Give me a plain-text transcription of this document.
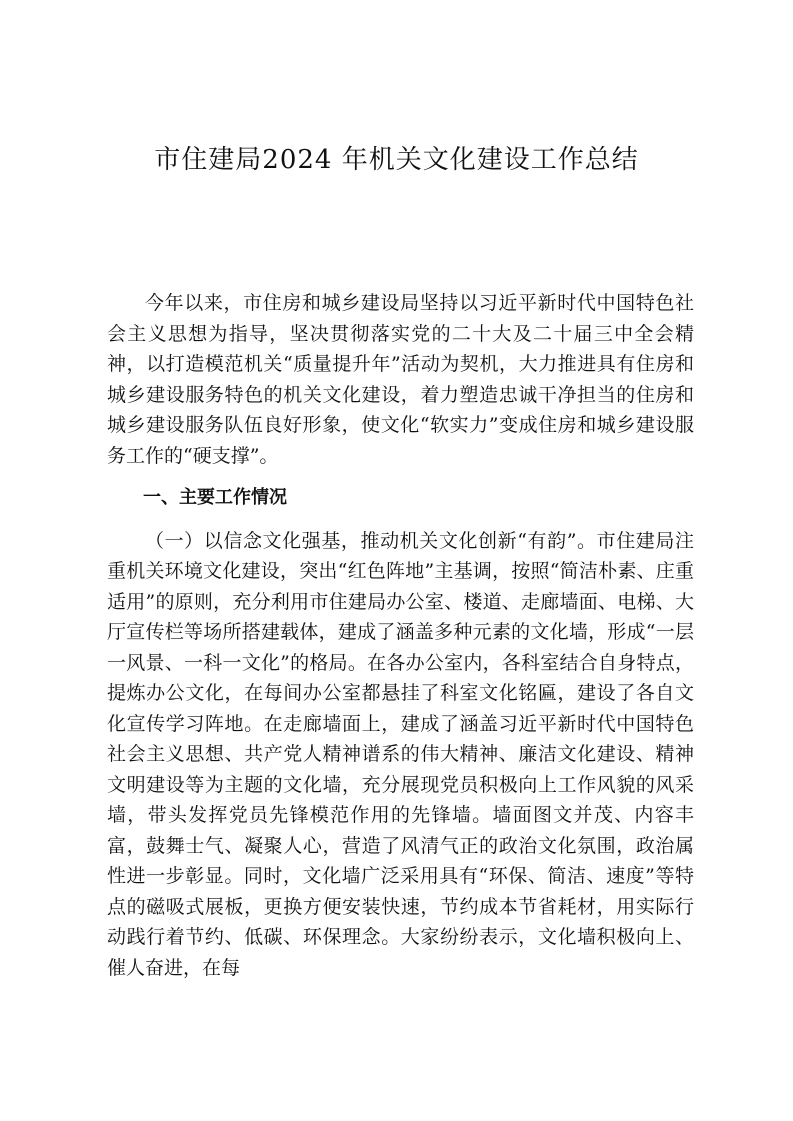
市住建局2024 年机关文化建设工作总结

今年以来，市住房和城乡建设局坚持以习近平新时代中国特色社会主义思想为指导，坚决贯彻落实党的二十大及二十届三中全会精神，以打造模范机关“质量提升年”活动为契机，大力推进具有住房和城乡建设服务特色的机关文化建设，着力塑造忠诚干净担当的住房和城乡建设服务队伍良好形象，使文化“软实力”变成住房和城乡建设服务工作的“硬支撑”。

一、主要工作情况

（一）以信念文化强基，推动机关文化创新“有韵”。市住建局注重机关环境文化建设，突出“红色阵地”主基调，按照“简洁朴素、庄重适用”的原则，充分利用市住建局办公室、楼道、走廊墙面、电梯、大厅宣传栏等场所搭建载体，建成了涵盖多种元素的文化墙，形成“一层一风景、一科一文化”的格局。在各办公室内，各科室结合自身特点，提炼办公文化，在每间办公室都悬挂了科室文化铭匾，建设了各自文化宣传学习阵地。在走廊墙面上，建成了涵盖习近平新时代中国特色社会主义思想、共产党人精神谱系的伟大精神、廉洁文化建设、精神文明建设等为主题的文化墙，充分展现党员积极向上工作风貌的风采墙，带头发挥党员先锋模范作用的先锋墙。墙面图文并茂、内容丰富，鼓舞士气、凝聚人心，营造了风清气正的政治文化氛围，政治属性进一步彰显。同时，文化墙广泛采用具有“环保、简洁、速度”等特点的磁吸式展板，更换方便安装快速，节约成本节省耗材，用实际行动践行着节约、低碳、环保理念。大家纷纷表示，文化墙积极向上、催人奋进，在每
